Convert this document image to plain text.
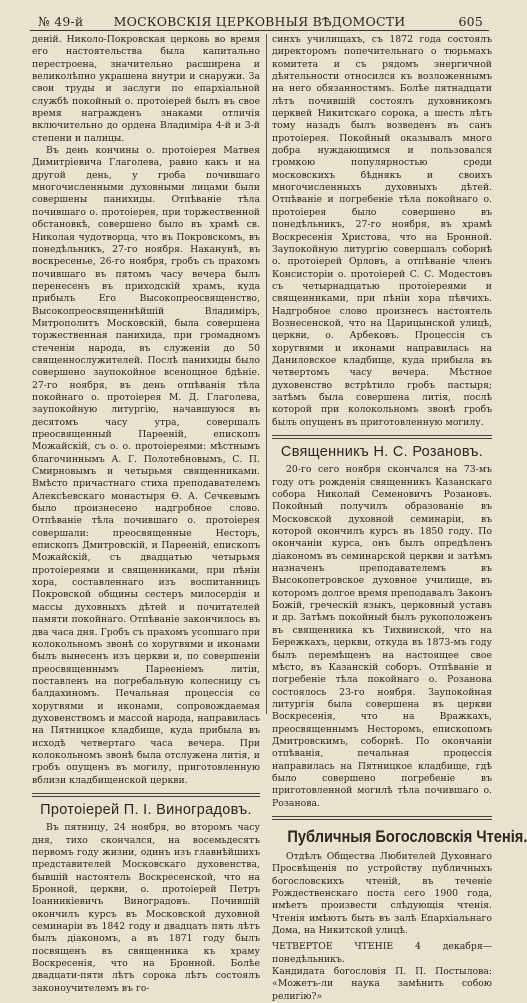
№ 49-й	МОСКОВСКІЯ ЦЕРКОВНЫЯ ВѢДОМОСТИ	605

деній. Николо-Покровская церковь во время его настоятельства была капитально перестроена, значительно расширена и великолѣпно украшена внутри и снаружи. За свои труды и заслуги по епархіальной службѣ покойный о. протоіерей былъ въ свое время награжденъ знаками отличія включительно до ордена Владиміра 4-й и 3-й степени и палицы.

Въ день кончины о. протоіерея Матвея Димитріевича Глаголева, равно какъ и на другой день, у гроба почившаго многочисленными духовными лицами были совершены панихиды. Отпѣваніе тѣла почившаго о. протоіерея, при торжественной обстановкѣ, совершено было въ храмѣ св. Николая чудотворца, что въ Покровскомъ, въ понедѣльникъ, 27-го ноября. Наканунѣ, въ воскресенье, 26-го ноября, гробъ съ прахомъ почившаго въ пятомъ часу вечера былъ перенесенъ въ приходскій храмъ, куда прибылъ Его Высокопреосвященство, Высокопреосвященнѣйшій Владиміръ, Митрополитъ Московскій, была совершена торжественная панихида, при громадномъ стеченіи народа, въ служеніи до 50 священнослужителей. Послѣ панихиды было совершено заупокойное всенощное бдѣніе. 27-го ноября, въ день отпѣванія тѣла покойнаго о. протоіерея М. Д. Глаголева, заупокойную литургію, начавшуюся въ десятомъ часу утра, совершалъ преосвященный Парѳеній, епископъ Можайскій, съ о. о. протоіереями: мѣстнымъ благочиннымъ А. Г. Полотебновымъ, С. П. Смирновымъ и четырьмя священниками. Вмѣсто причастнаго стиха преподавателемъ Алексѣевскаго монастыря Ѳ. А. Сечкевымъ было произнесено надгробное слово. Отпѣваніе тѣла почившаго о. протоіерея совершали: преосвященные Несторъ, епископъ Дмитровскій, и Парѳеній, епископъ Можайскій, съ двадцатью четырьмя протоіереями и священниками, при пѣніи хора, составленнаго изъ воспитанницъ Покровской общины сестеръ милосердія и массы духовныхъ дѣтей и почитателей памяти покойнаго. Отпѣваніе закончилось въ два часа дня. Гробъ съ прахомъ усопшаго при колокольномъ звонѣ со хоругвями и иконами былъ вынесенъ изъ церкви и, по совершеніи преосвященнымъ Парѳеніемъ литіи, поставленъ на погребальную колесницу съ балдахиномъ. Печальная процессія со хоругвями и иконами, сопровождаемая духовенствомъ и массой народа, направилась на Пятницкое кладбище, куда прибыла въ исходѣ четвертаго часа вечера. При колокольномъ звонѣ была отслужена литія, и гробъ опущенъ въ могилу, приготовленную вблизи кладбищенской церкви.

Протоіерей П. І. Виноградовъ.

Въ пятницу, 24 ноября, во второмъ часу дня, тихо скончался, на восемьдесятъ первомъ году жизни, одинъ изъ главнѣйшихъ представителей Московскаго духовенства, бывшій настоятель Воскресенской, что на Бронной, церкви, о. протоіерей Петръ Іоанникіевичъ Виноградовъ. Почившій окончилъ курсъ въ Московской духовной семинаріи въ 1842 году и двадцать пять лѣтъ былъ діакономъ, а въ 1871 году былъ посвященъ въ священника къ храму Воскресенія, что на Бронной. Болѣе двадцати-пяти лѣтъ сорока лѣтъ состоялъ законоучителемъ въ го-

синхъ училищахъ, съ 1872 года состоялъ директоромъ попечительнаго о тюрьмахъ комитета и съ рядомъ энергичной дѣятельности относился къ возложеннымъ на него обязанностямъ. Болѣе пятнадцати лѣтъ почившій состоялъ духовникомъ церквей Никитскаго сорока, а шесть лѣтъ тому назадъ былъ возведенъ въ санъ протоіерея. Покойный оказывалъ много добра нуждающимся и пользовался громкою популярностью среди московскихъ бѣднякъ и своихъ многочисленныхъ духовныхъ дѣтей. Отпѣваніе и погребеніе тѣла покойнаго о. протоіерея было совершено въ понедѣльникъ, 27-го ноября, въ храмѣ Воскресенія Христова, что на Бронной. Заупокойную литургію совершалъ соборнѣ о. протоіерей Орловъ, а отпѣваніе членъ Консисторіи о. протоіерей С. С. Модестовъ съ четырнадцатью протоіереями и священниками, при пѣніи хора пѣвчихъ. Надгробное слово произнесъ настоятель Вознесенской, что на Царицынской улицѣ, церкви, о. Арбековъ. Процессія съ хоругвями и иконами направилась на Даниловское кладбище, куда прибыла въ четвертомъ часу вечера. Мѣстное духовенство встрѣтило гробъ пастыря; затѣмъ была совершена литія, послѣ которой при колокольномъ звонѣ гробъ былъ опущенъ въ приготовленную могилу.

Священникъ Н. С. Розановъ.

20-го сего ноября скончался на 73-мъ году отъ рожденія священникъ Казанскаго собора Николай Семеновичъ Розановъ. Покойный получилъ образованіе въ Московской духовной семинаріи, въ которой окончилъ курсъ въ 1850 году. По окончаніи курса, онъ былъ опредѣленъ діакономъ въ семинарской церкви и затѣмъ назначенъ преподавателемъ въ Высокопетровское духовное училище, въ которомъ долгое время преподавалъ Законъ Божій, греческій языкъ, церковный уставъ и др. Затѣмъ покойный былъ рукоположенъ въ священника къ Тихвинской, что на Бережкахъ, церкви, откуда въ 1873-мъ году былъ перемѣщенъ на настоящее свое мѣсто, въ Казанскій соборъ. Отпѣваніе и погребеніе тѣла покойнаго о. Розанова состоялось 23-го ноября. Заупокойная литургія была совершена въ церкви Воскресенія, что на Вражкахъ, преосвященнымъ Несторомъ, епископомъ Дмитровскимъ, соборнѣ. По окончаніи отпѣванія, печальная процессія направилась на Пятницкое кладбище, гдѣ было совершено погребеніе въ приготовленной могилѣ тѣла почившаго о. Розанова.

Публичныя Богословскія Чтенія.

Отдѣлъ Общества Любителей Духовнаго Просвѣщенія по устройству публичныхъ богословскихъ чтеній, въ теченіе Рождественскаго поста сего 1900 года, имѣетъ произвести слѣдующія чтенія. Чтенія имѣютъ быть въ залѣ Епархіальнаго Дома, на Никитской улицѣ.

ЧЕТВЕРТОЕ ЧТЕНІЕ 4 декабря—понедѣльникъ.

Кандидата богословія П. П. Постылова: «Можетъ-ли наука замѣнить собою религію?»
